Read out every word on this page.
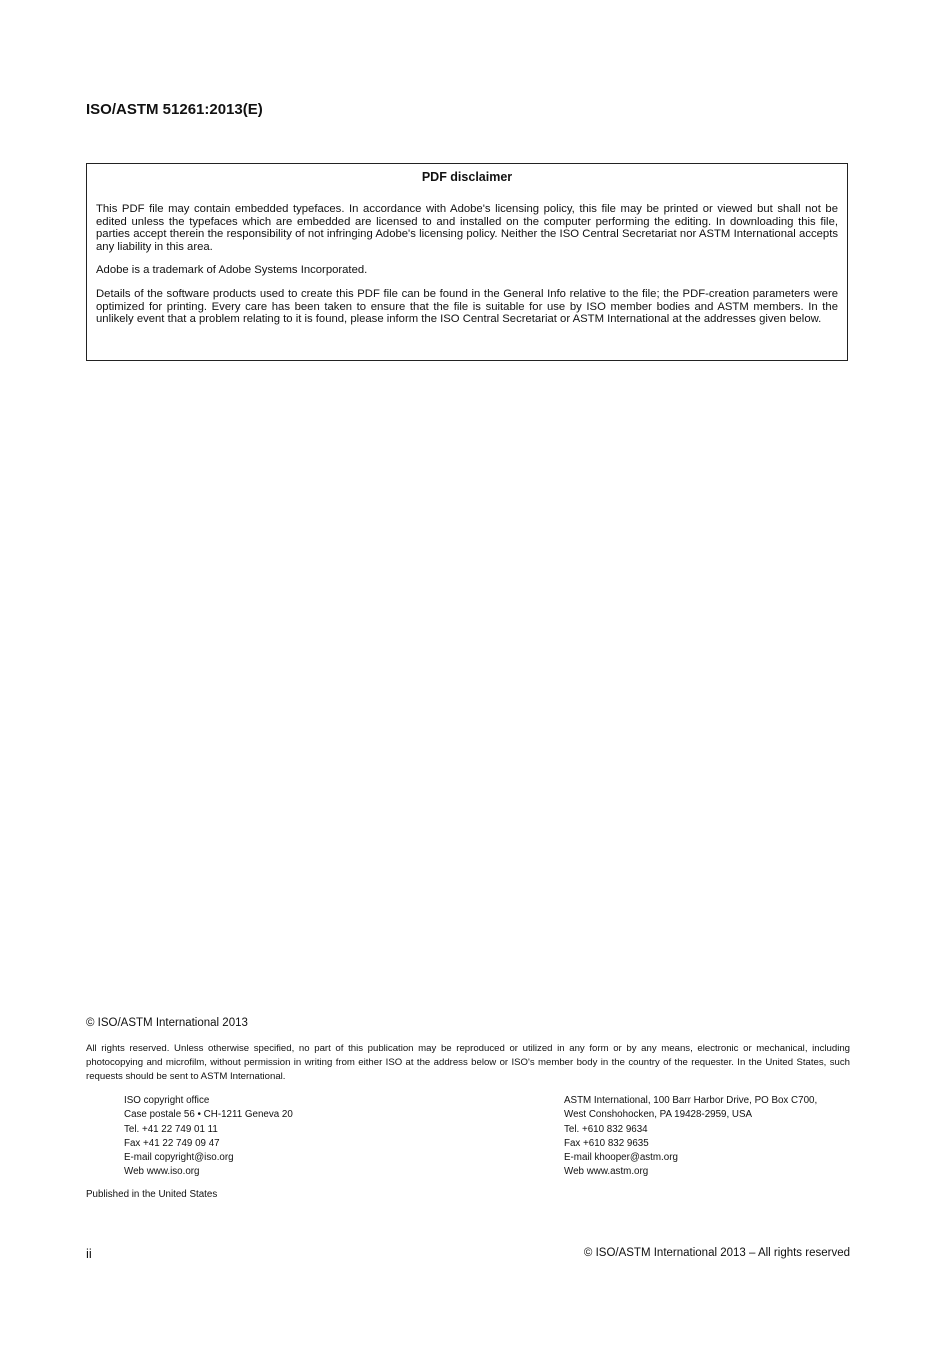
ISO/ASTM 51261:2013(E)

PDF disclaimer

This PDF file may contain embedded typefaces. In accordance with Adobe's licensing policy, this file may be printed or viewed but shall not be edited unless the typefaces which are embedded are licensed to and installed on the computer performing the editing. In downloading this file, parties accept therein the responsibility of not infringing Adobe's licensing policy. Neither the ISO Central Secretariat nor ASTM International accepts any liability in this area.

Adobe is a trademark of Adobe Systems Incorporated.

Details of the software products used to create this PDF file can be found in the General Info relative to the file; the PDF-creation parameters were optimized for printing. Every care has been taken to ensure that the file is suitable for use by ISO member bodies and ASTM members. In the unlikely event that a problem relating to it is found, please inform the ISO Central Secretariat or ASTM International at the addresses given below.

© ISO/ASTM International 2013

All rights reserved. Unless otherwise specified, no part of this publication may be reproduced or utilized in any form or by any means, electronic or mechanical, including photocopying and microfilm, without permission in writing from either ISO at the address below or ISO's member body in the country of the requester. In the United States, such requests should be sent to ASTM International.

ISO copyright office
Case postale 56 • CH-1211 Geneva 20
Tel. +41 22 749 01 11
Fax +41 22 749 09 47
E-mail copyright@iso.org
Web www.iso.org
ASTM International, 100 Barr Harbor Drive, PO Box C700,
West Conshohocken, PA 19428-2959, USA
Tel. +610 832 9634
Fax +610 832 9635
E-mail khooper@astm.org
Web www.astm.org

Published in the United States

ii	© ISO/ASTM International 2013 – All rights reserved
